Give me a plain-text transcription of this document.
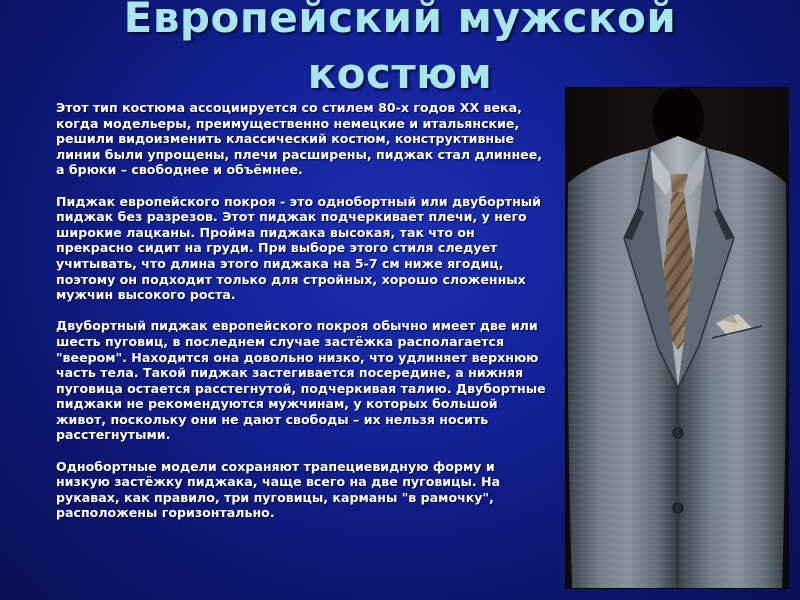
Европейский мужской костюм

Этот тип костюма ассоциируется со стилем 80-х годов XX века, когда модельеры, преимущественно немецкие и итальянские, решили видоизменить классический костюм, конструктивные линии были упрощены, плечи расширены, пиджак стал длиннее, а брюки – свободнее и объёмнее.

Пиджак европейского покроя - это однобортный или двубортный пиджак без разрезов. Этот пиджак подчеркивает плечи, у него широкие лацканы. Пройма пиджака высокая, так что он прекрасно сидит на груди. При выборе этого стиля следует учитывать, что длина этого пиджака на 5-7 см ниже ягодиц, поэтому он подходит только для стройных, хорошо сложенных мужчин высокого роста.

Двубортный пиджак европейского покроя обычно имеет две или шесть пуговиц, в последнем случае застёжка располагается "веером". Находится она довольно низко, что удлиняет верхнюю часть тела. Такой пиджак застегивается посередине, а нижняя пуговица остается расстегнутой, подчеркивая талию. Двубортные пиджаки не рекомендуются мужчинам, у которых большой живот, поскольку они не дают свободы – их нельзя носить расстегнутыми.

Однобортные модели сохраняют трапециевидную форму и низкую застёжку пиджака, чаще всего на две пуговицы. На рукавах, как правило, три пуговицы, карманы "в рамочку", расположены горизонтально.
